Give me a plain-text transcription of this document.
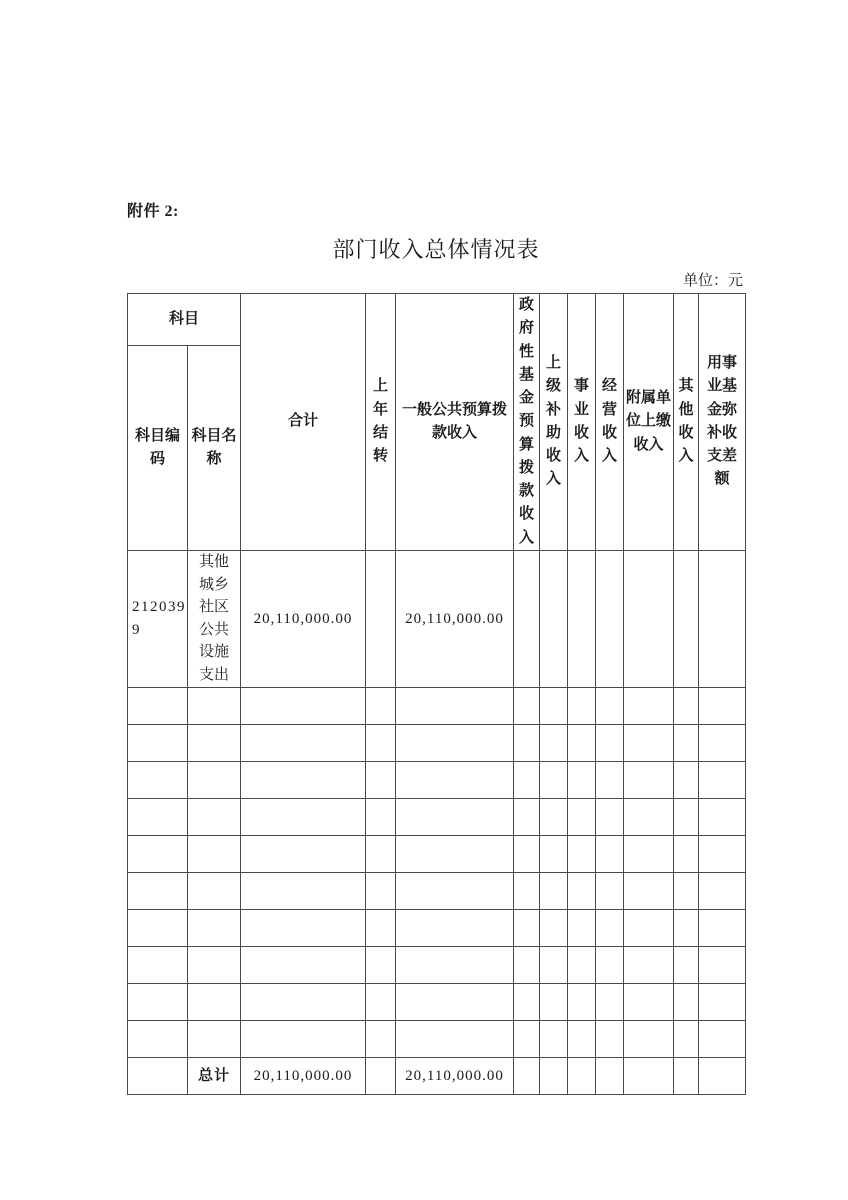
附件 2:
部门收入总体情况表
单位：元
科目		合计	上年结转	一般公共预算拨款收入	政府性基金预算拨款收入	上级补助收入	事业收入	经营收入	附属单位上缴收入	其他收入	用事业基金弥补收支差额
科目编码	科目名称										
2120399	其他城乡社区公共设施支出	20,110,000.00		20,110,000.00							

	总计	20,110,000.00		20,110,000.00							
